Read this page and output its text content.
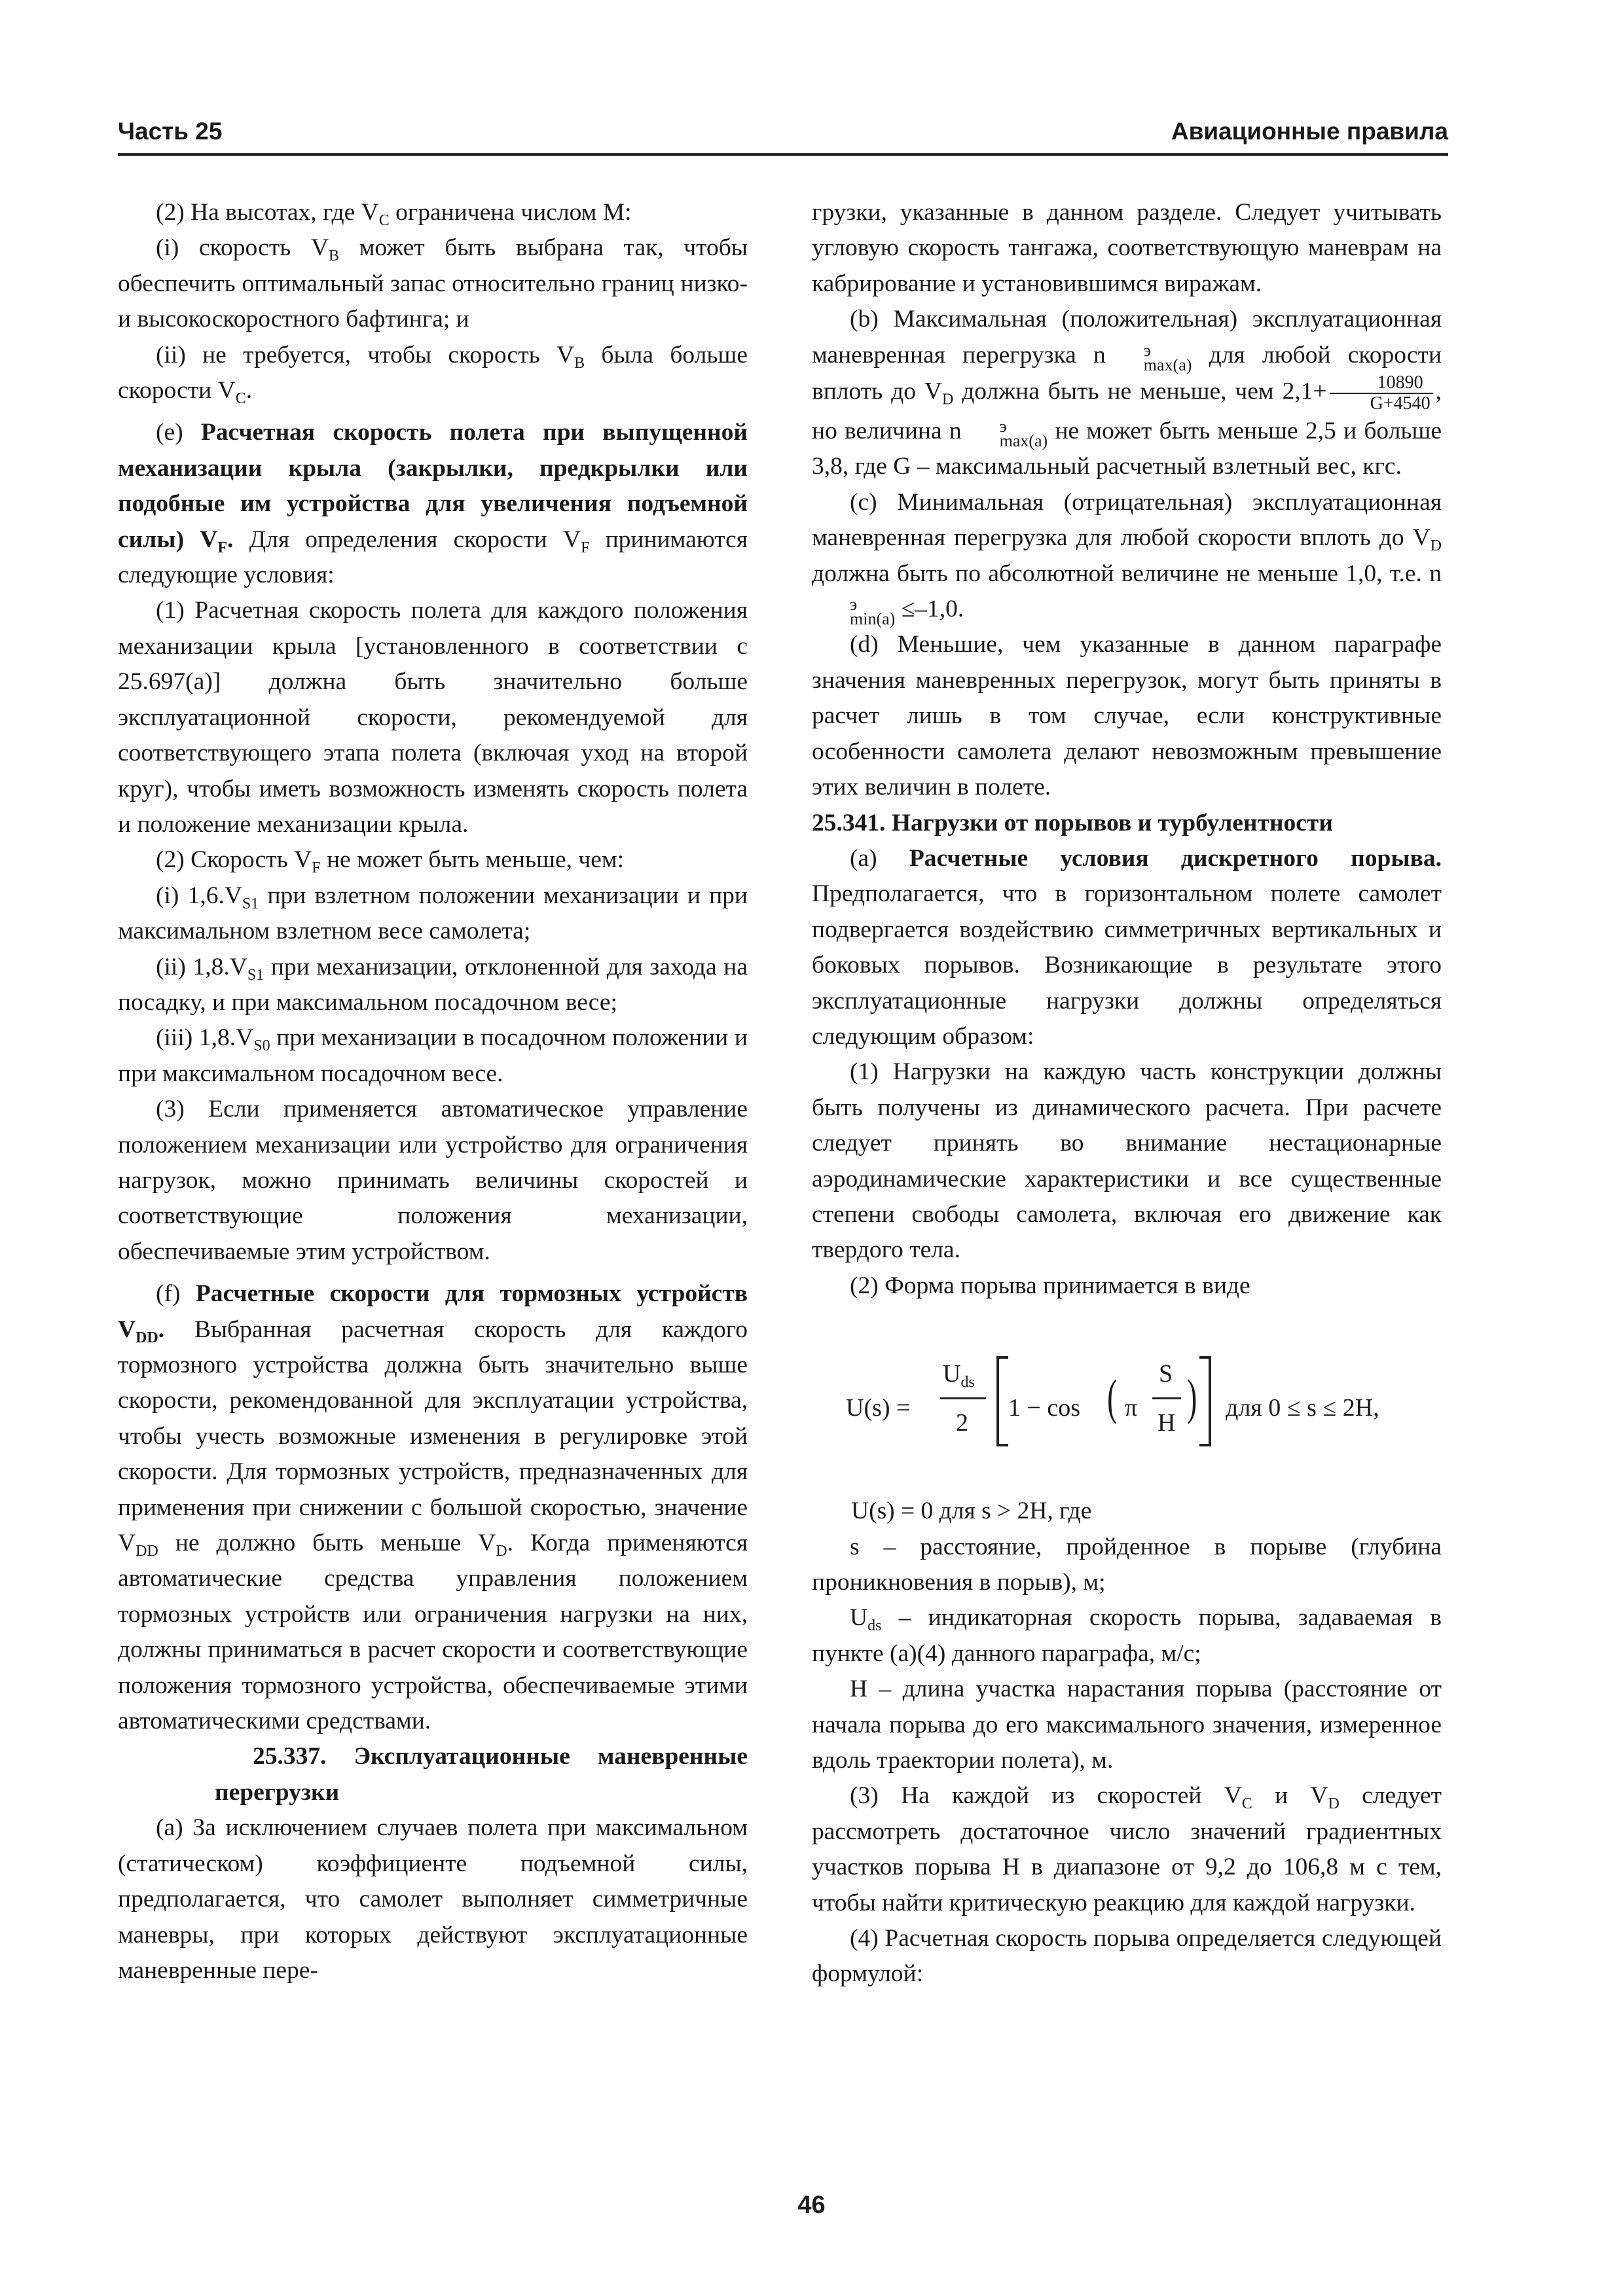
Часть 25	Авиационные правила

(2) На высотах, где $V_C$ ограничена числом М:

(i) скорость $V_B$ может быть выбрана так, чтобы обеспечить оптимальный запас относительно границ низко- и высокоскоростного бафтинга; и

(ii) не требуется, чтобы скорость $V_B$ была больше скорости $V_C$.

(e) Расчетная скорость полета при выпущенной механизации крыла (закрылки, предкрылки или подобные им устройства для увеличения подъемной силы) $V_F$. Для определения скорости $V_F$ принимаются следующие условия:

(1) Расчетная скорость полета для каждого положения механизации крыла [установленного в соответствии с 25.697(а)] должна быть значительно больше эксплуатационной скорости, рекомендуемой для соответствующего этапа полета (включая уход на второй круг), чтобы иметь возможность изменять скорость полета и положение механизации крыла.

(2) Скорость $V_F$ не может быть меньше, чем:

(i) $1,6.V_{S1}$ при взлетном положении механизации и при максимальном взлетном весе самолета;

(ii) $1,8.V_{S1}$ при механизации, отклоненной для захода на посадку, и при максимальном посадочном весе;

(iii) $1,8.V_{S0}$ при механизации в посадочном положении и при максимальном посадочном весе.

(3) Если применяется автоматическое управление положением механизации или устройство для ограничения нагрузок, можно принимать величины скоростей и соответствующие положения механизации, обеспечиваемые этим устройством.

(f) Расчетные скорости для тормозных устройств $V_{DD}$. Выбранная расчетная скорость для каждого тормозного устройства должна быть значительно выше скорости, рекомендованной для эксплуатации устройства, чтобы учесть возможные изменения в регулировке этой скорости. Для тормозных устройств, предназначенных для применения при снижении с большой скоростью, значение $V_{DD}$ не должно быть меньше $V_D$. Когда применяются автоматические средства управления положением тормозных устройств или ограничения нагрузки на них, должны приниматься в расчет скорости и соответствующие положения тормозного устройства, обеспечиваемые этими автоматическими средствами.

25.337. Эксплуатационные маневренные перегрузки

(а) За исключением случаев полета при максимальном (статическом) коэффициенте подъемной силы, предполагается, что самолет выполняет симметричные маневры, при которых действуют эксплуатационные маневренные пере-

грузки, указанные в данном разделе. Следует учитывать угловую скорость тангажа, соответствующую маневрам на кабрирование и установившимся виражам.

(b) Максимальная (положительная) эксплуатационная маневренная перегрузка n	э
max(a) для любой скорости вплоть до $V_D$ должна быть не меньше, чем $2,1+ \frac{10890}{G+4540}$ , но величина n	э
max(a) не может быть меньше 2,5 и больше 3,8, где G – максимальный расчетный взлетный вес, кгс.

(c) Минимальная (отрицательная) эксплуатационная маневренная перегрузка для любой скорости вплоть до $V_D$ должна быть по абсолютной величине не меньше 1,0, т.е. n
э
min(a) ≤–1,0.

(d) Меньшие, чем указанные в данном параграфе значения маневренных перегрузок, могут быть приняты в расчет лишь в том случае, если конструктивные особенности самолета делают невозможным превышение этих величин в полете.

25.341. Нагрузки от порывов и турбулентности

(a) Расчетные условия дискретного порыва. Предполагается, что в горизонтальном полете самолет подвергается воздействию симметричных вертикальных и боковых порывов. Возникающие в результате этого эксплуатационные нагрузки должны определяться следующим образом:

(1) Нагрузки на каждую часть конструкции должны быть получены из динамического расчета. При расчете следует принять во внимание нестационарные аэродинамические характеристики и все существенные степени свободы самолета, включая его движение как твердого тела.

(2) Форма порыва принимается в виде

U(s) =
$U_{ds}$
2
1 − cos ( π
S
H ) для 0 ≤ s ≤ 2H,

U(s) = 0 для s > 2H, где

s – расстояние, пройденное в порыве (глубина проникновения в порыв), м;

$U_{ds}$ – индикаторная скорость порыва, задаваемая в пункте (а)(4) данного параграфа, м/с;

H – длина участка нарастания порыва (расстояние от начала порыва до его максимального значения, измеренное вдоль траектории полета), м.

(3) На каждой из скоростей $V_C$ и $V_D$ следует рассмотреть достаточное число значений градиентных участков порыва H в диапазоне от 9,2 до 106,8 м с тем, чтобы найти критическую реакцию для каждой нагрузки.

(4) Расчетная скорость порыва определяется следующей формулой:

46
